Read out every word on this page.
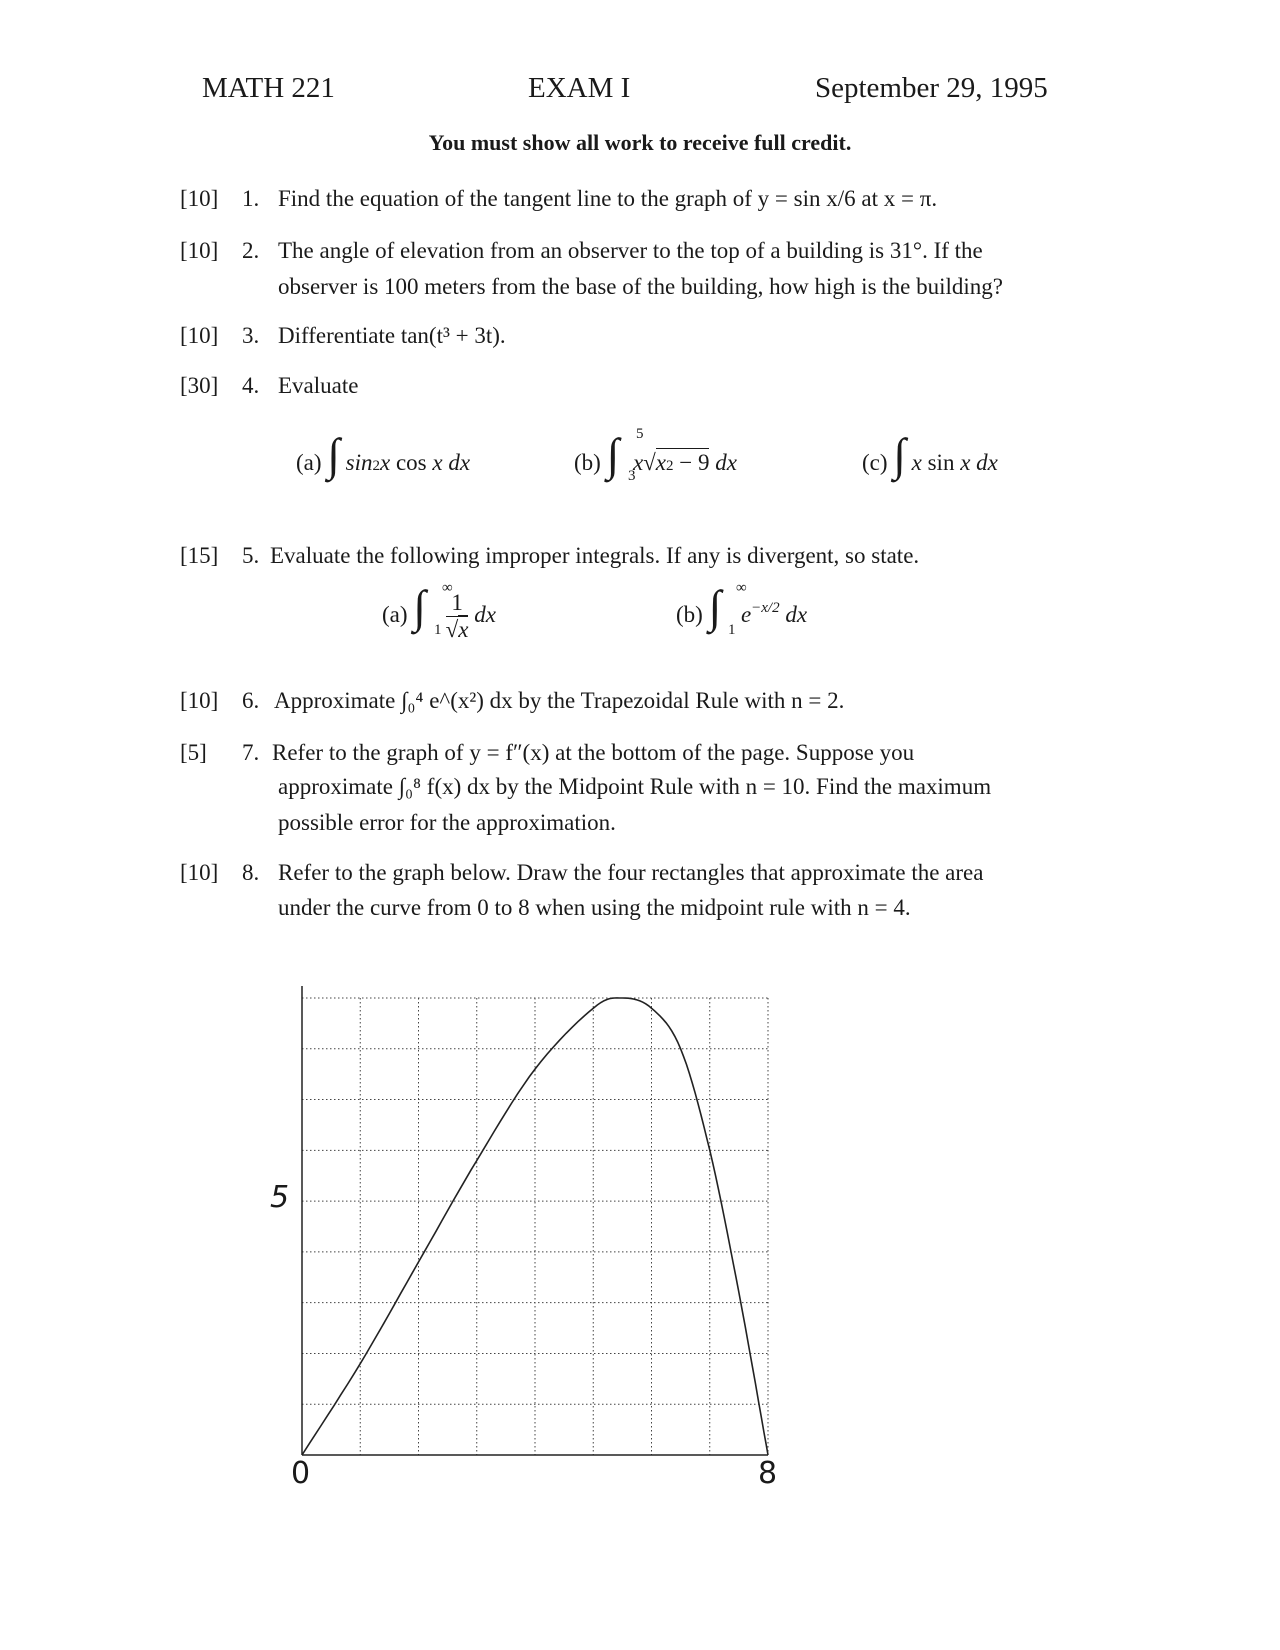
MATH 221	EXAM I	September 29, 1995
You must show all work to receive full credit.
[10] 1. Find the equation of the tangent line to the graph of y = sin x/6 at x = π.
[10] 2. The angle of elevation from an observer to the top of a building is 31°. If the
observer is 100 meters from the base of the building, how high is the building?
[10] 3. Differentiate tan(t³ + 3t).
[30] 4. Evaluate
(a) ∫ sin2x cos x dx	(b) ∫ 5
3
x√x2 − 9 dx	(c) ∫ x sin x dx
[15] 5. Evaluate the following improper integrals. If any is divergent, so state.
(a) ∫ ∞
$1 \frac{1}{√x}$ dx	(b) ∫ ∞
1
$e^{-x/2}$ dx
[10] 6. Approximate ∫₀⁴ e^(x²) dx by the Trapezoidal Rule with n = 2.
[5] 7. Refer to the graph of y = f″(x) at the bottom of the page. Suppose you
approximate ∫₀⁸ f(x) dx by the Midpoint Rule with n = 10. Find the maximum
possible error for the approximation.
[10] 8. Refer to the graph below. Draw the four rectangles that approximate the area
under the curve from 0 to 8 when using the midpoint rule with n = 4.
5
0	8
